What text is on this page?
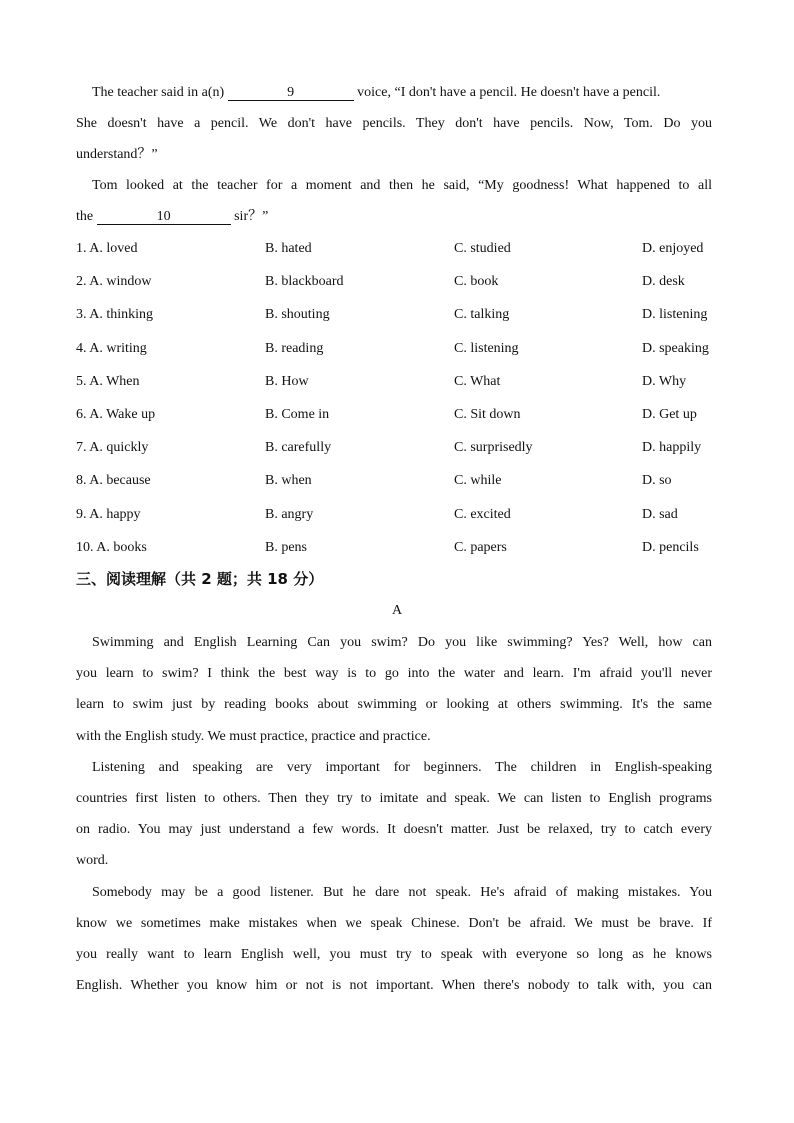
The teacher said in a(n)	9	voice, “I don't have a pencil. He doesn't have a pencil.
She doesn't have a pencil. We don't have pencils. They don't have pencils. Now, Tom. Do you
understand？”
Tom looked at the teacher for a moment and then he said, “My goodness! What happened to all
the	10	sir？”
1. A. loved	B. hated	C. studied	D. enjoyed
2. A. window	B. blackboard	C. book	D. desk
3. A. thinking	B. shouting	C. talking	D. listening
4. A. writing	B. reading	C. listening	D. speaking
5. A. When	B. How	C. What	D. Why
6. A. Wake up	B. Come in	C. Sit down	D. Get up
7. A. quickly	B. carefully	C. surprisedly	D. happily
8. A. because	B. when	C. while	D. so
9. A. happy	B. angry	C. excited	D. sad
10. A. books	B. pens	C. papers	D. pencils
三、阅读理解（共 2 题；共 18 分）
A
Swimming and English Learning Can you swim? Do you like swimming? Yes? Well, how can
you learn to swim? I think the best way is to go into the water and learn. I'm afraid you'll never
learn to swim just by reading books about swimming or looking at others swimming. It's the same
with the English study. We must practice, practice and practice.
Listening and speaking are very important for beginners. The children in English-speaking
countries first listen to others. Then they try to imitate and speak. We can listen to English programs
on radio. You may just understand a few words. It doesn't matter. Just be relaxed, try to catch every
word.
Somebody may be a good listener. But he dare not speak. He's afraid of making mistakes. You
know we sometimes make mistakes when we speak Chinese. Don't be afraid. We must be brave. If
you really want to learn English well, you must try to speak with everyone so long as he knows
English. Whether you know him or not is not important. When there's nobody to talk with, you can
